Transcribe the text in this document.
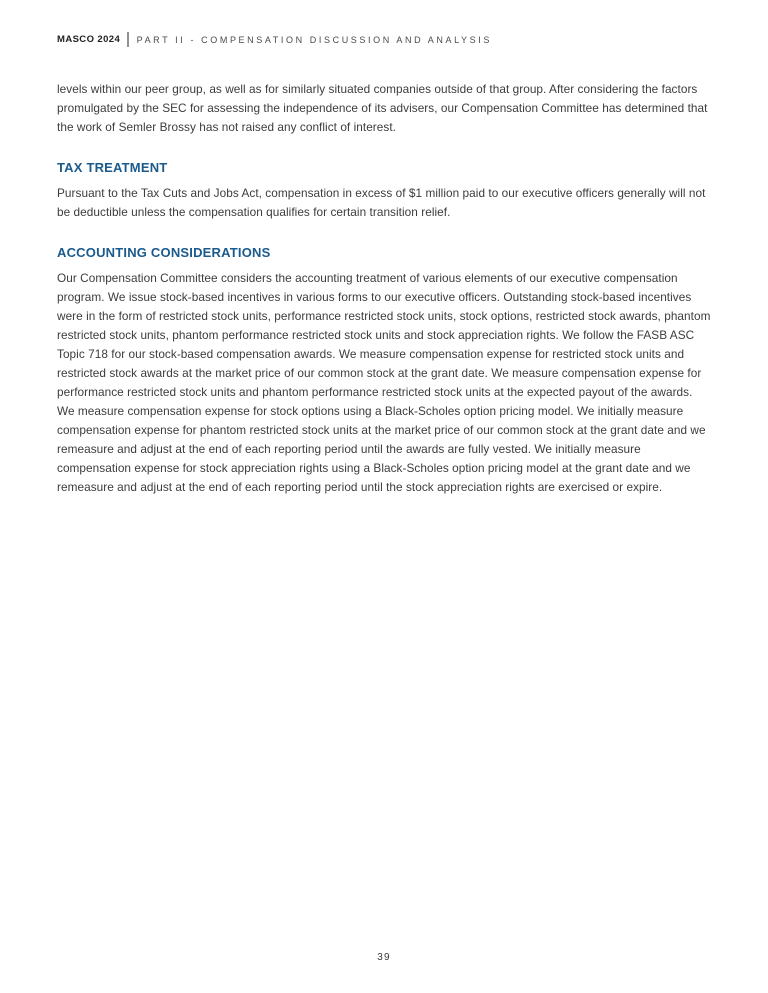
MASCO 2024 PART II - COMPENSATION DISCUSSION AND ANALYSIS

levels within our peer group, as well as for similarly situated companies outside of that group. After considering the factors promulgated by the SEC for assessing the independence of its advisers, our Compensation Committee has determined that the work of Semler Brossy has not raised any conflict of interest.

TAX TREATMENT

Pursuant to the Tax Cuts and Jobs Act, compensation in excess of $1 million paid to our executive officers generally will not be deductible unless the compensation qualifies for certain transition relief.

ACCOUNTING CONSIDERATIONS

Our Compensation Committee considers the accounting treatment of various elements of our executive compensation program. We issue stock-based incentives in various forms to our executive officers. Outstanding stock-based incentives were in the form of restricted stock units, performance restricted stock units, stock options, restricted stock awards, phantom restricted stock units, phantom performance restricted stock units and stock appreciation rights. We follow the FASB ASC Topic 718 for our stock-based compensation awards. We measure compensation expense for restricted stock units and restricted stock awards at the market price of our common stock at the grant date. We measure compensation expense for performance restricted stock units and phantom performance restricted stock units at the expected payout of the awards. We measure compensation expense for stock options using a Black-Scholes option pricing model. We initially measure compensation expense for phantom restricted stock units at the market price of our common stock at the grant date and we remeasure and adjust at the end of each reporting period until the awards are fully vested. We initially measure compensation expense for stock appreciation rights using a Black-Scholes option pricing model at the grant date and we remeasure and adjust at the end of each reporting period until the stock appreciation rights are exercised or expire.

39
